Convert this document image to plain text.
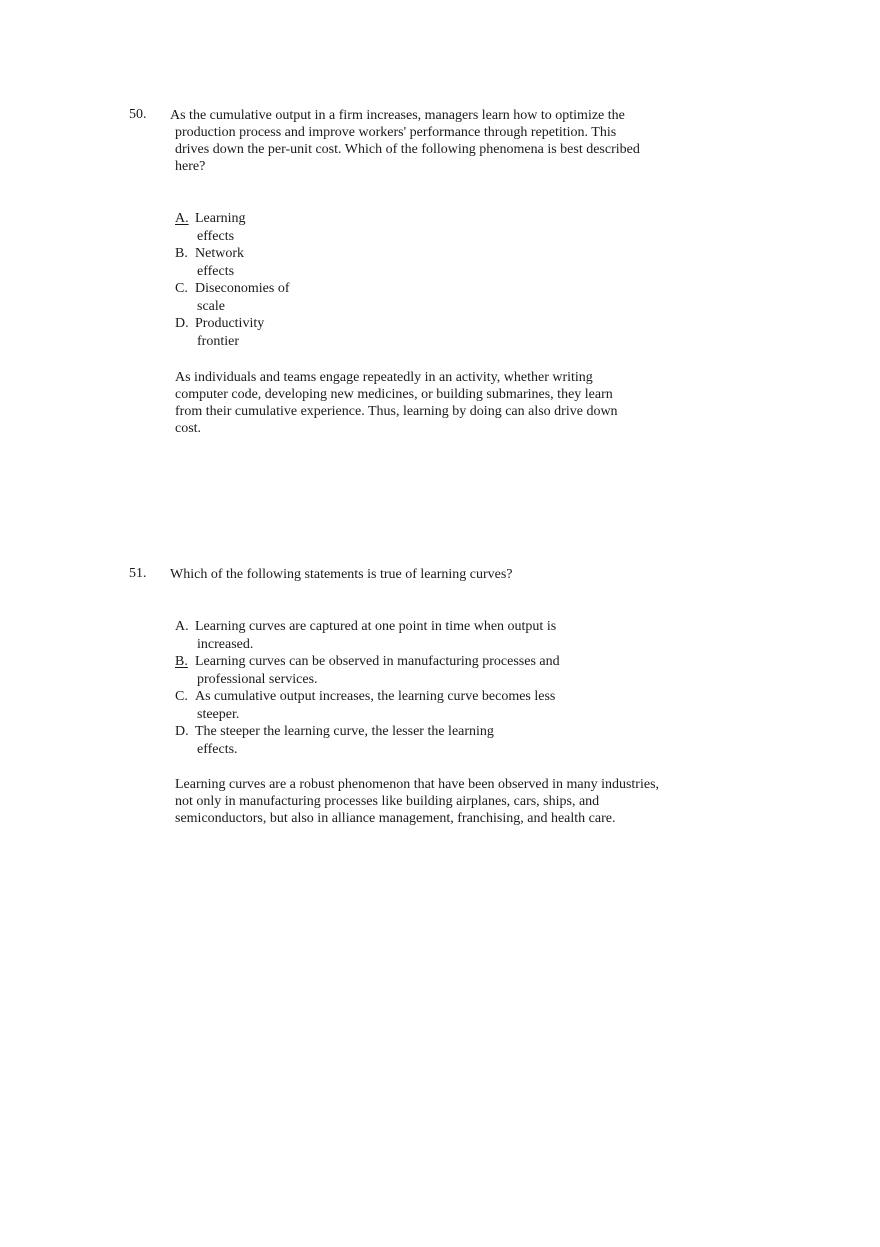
50. As the cumulative output in a firm increases, managers learn how to optimize the
production process and improve workers' performance through repetition. This drives down the per-unit cost. Which of the following phenomena is best described here?
A. Learning
effects
B. Network
effects
C. Diseconomies of
scale
D. Productivity
frontier
As individuals and teams engage repeatedly in an activity, whether writing computer code, developing new medicines, or building submarines, they learn from their cumulative experience. Thus, learning by doing can also drive down cost.
51. Which of the following statements is true of learning curves?
A. Learning curves are captured at one point in time when output is
increased.
B. Learning curves can be observed in manufacturing processes and
professional services.
C. As cumulative output increases, the learning curve becomes less
steeper.
D. The steeper the learning curve, the lesser the learning
effects.
Learning curves are a robust phenomenon that have been observed in many industries, not only in manufacturing processes like building airplanes, cars, ships, and semiconductors, but also in alliance management, franchising, and health care.
